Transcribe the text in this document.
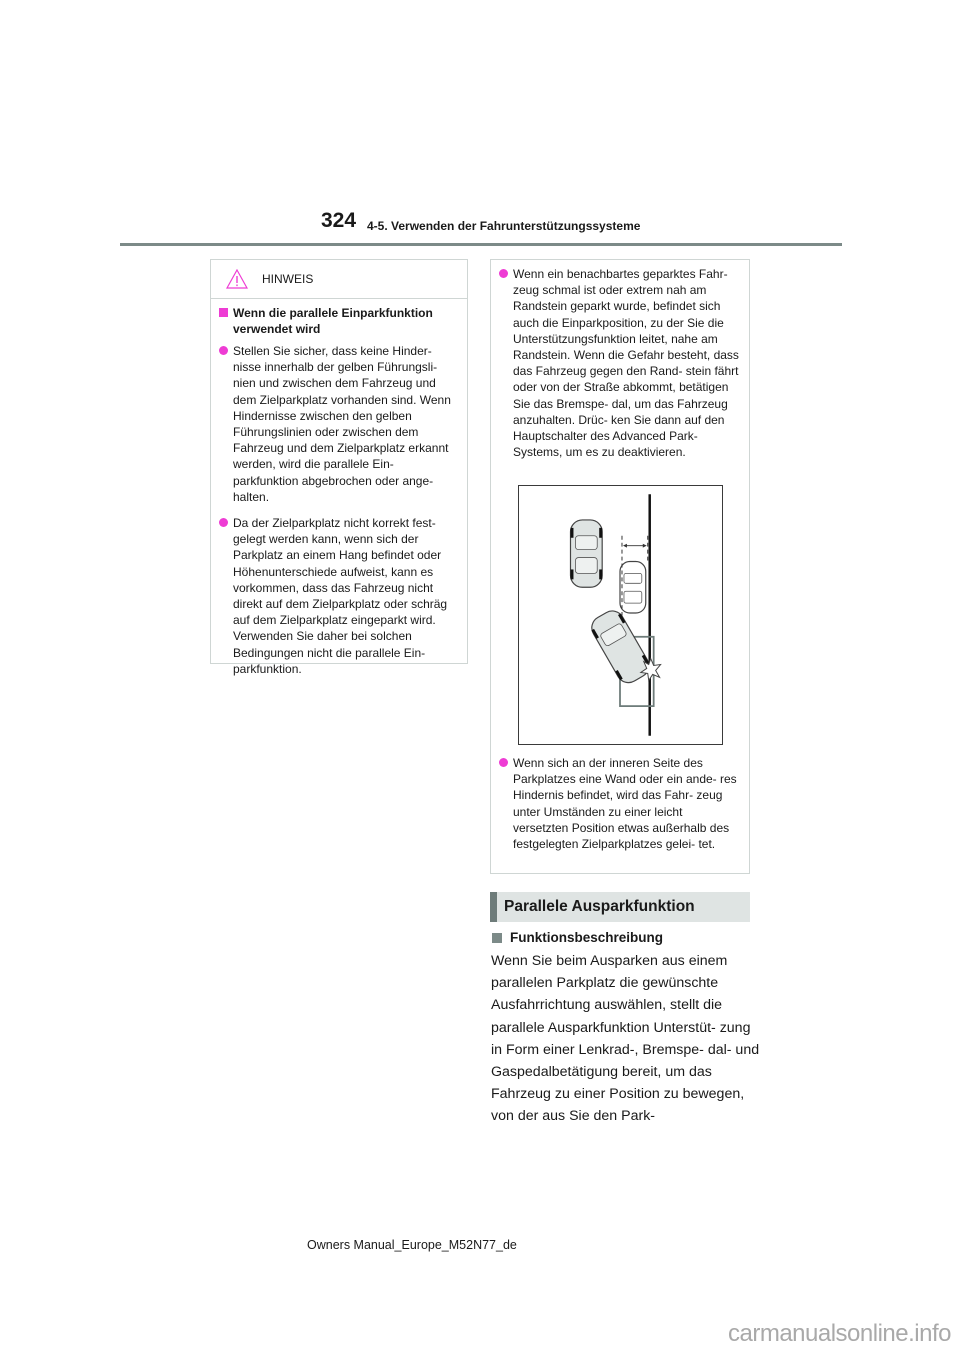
324 4-5. Verwenden der Fahrunterstützungssysteme
HINWEIS
Wenn die parallele Einparkfunktion verwendet wird
Stellen Sie sicher, dass keine Hinder- nisse innerhalb der gelben Führungsli- nien und zwischen dem Fahrzeug und dem Zielparkplatz vorhanden sind. Wenn Hindernisse zwischen den gelben Führungslinien oder zwischen dem Fahrzeug und dem Zielparkplatz erkannt werden, wird die parallele Ein- parkfunktion abgebrochen oder ange- halten.
Da der Zielparkplatz nicht korrekt fest- gelegt werden kann, wenn sich der Parkplatz an einem Hang befindet oder Höhenunterschiede aufweist, kann es vorkommen, dass das Fahrzeug nicht direkt auf dem Zielparkplatz oder schräg auf dem Zielparkplatz eingeparkt wird. Verwenden Sie daher bei solchen Bedingungen nicht die parallele Ein- parkfunktion.
Wenn ein benachbartes geparktes Fahr- zeug schmal ist oder extrem nah am Randstein geparkt wurde, befindet sich auch die Einparkposition, zu der Sie die Unterstützungsfunktion leitet, nahe am Randstein. Wenn die Gefahr besteht, dass das Fahrzeug gegen den Rand- stein fährt oder von der Straße abkommt, betätigen Sie das Bremspe- dal, um das Fahrzeug anzuhalten. Drüc- ken Sie dann auf den Hauptschalter des Advanced Park-Systems, um es zu deaktivieren.
Wenn sich an der inneren Seite des Parkplatzes eine Wand oder ein ande- res Hindernis befindet, wird das Fahr- zeug unter Umständen zu einer leicht versetzten Position etwas außerhalb des festgelegten Zielparkplatzes gelei- tet.
Parallele Ausparkfunktion
Funktionsbeschreibung
Wenn Sie beim Ausparken aus einem parallelen Parkplatz die gewünschte Ausfahrrichtung auswählen, stellt die parallele Ausparkfunktion Unterstüt- zung in Form einer Lenkrad-, Bremspe- dal- und Gaspedalbetätigung bereit, um das Fahrzeug zu einer Position zu bewegen, von der aus Sie den Park-
Owners Manual_Europe_M52N77_de
carmanualsonline.info
